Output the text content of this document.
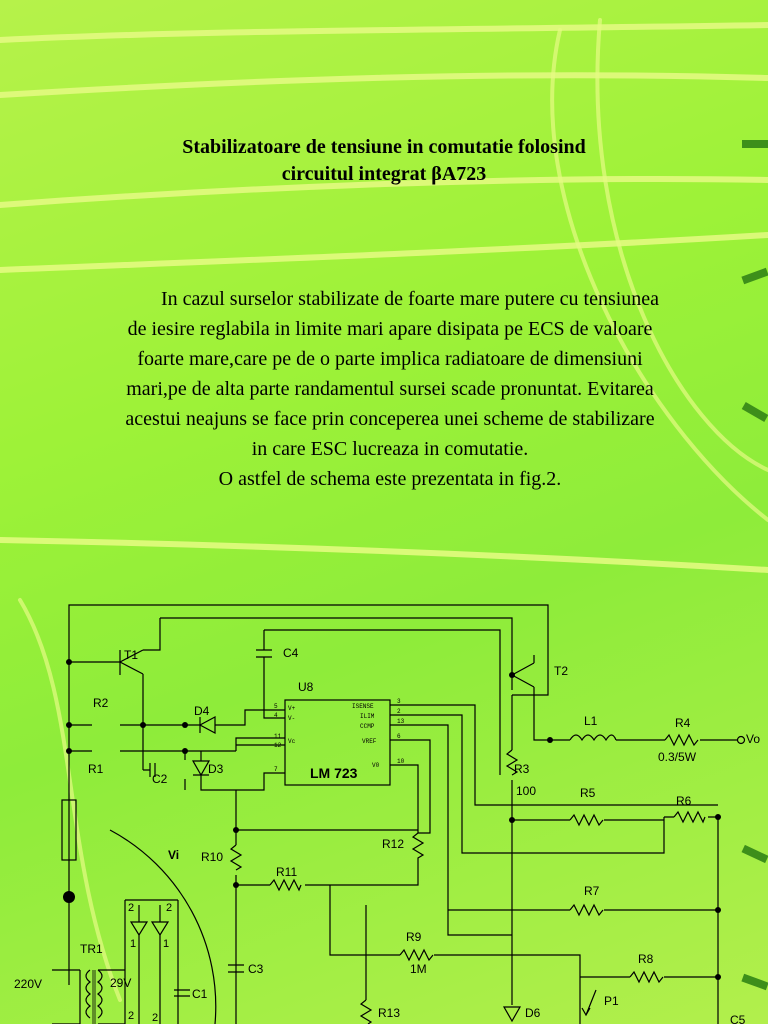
Stabilizatoare de tensiune in comutatie folosind
circuitul integrat βA723

In cazul surselor stabilizate de foarte mare putere cu tensiunea

de iesire reglabila in limite mari apare disipata pe ECS de valoare

foarte mare,care pe de o parte implica radiatoare de dimensiuni

mari,pe de alta parte randamentul sursei scade pronuntat. Evitarea

acestui neajuns se face prin conceperea unei scheme de stabilizare

in care ESC lucreaza in comutatie.

O astfel de schema este prezentata in fig.2.

U8
LM 723
5
4
11
12
7
V+
V-
Vc
3
2
13
6
10
ISENSE
ILIM
CCMP
VREF
V0
T1	C4
R2
D4
R1
C2
D3
T2
L1	R4
0.3/5W
Vo
R3
100	R5
R6
R12
R10
R11
Vi
R7
R9
1M
R8
P1
R13	D6	C5
C3
C1
TR1
220V	29V
2	2
1 1
2 2
